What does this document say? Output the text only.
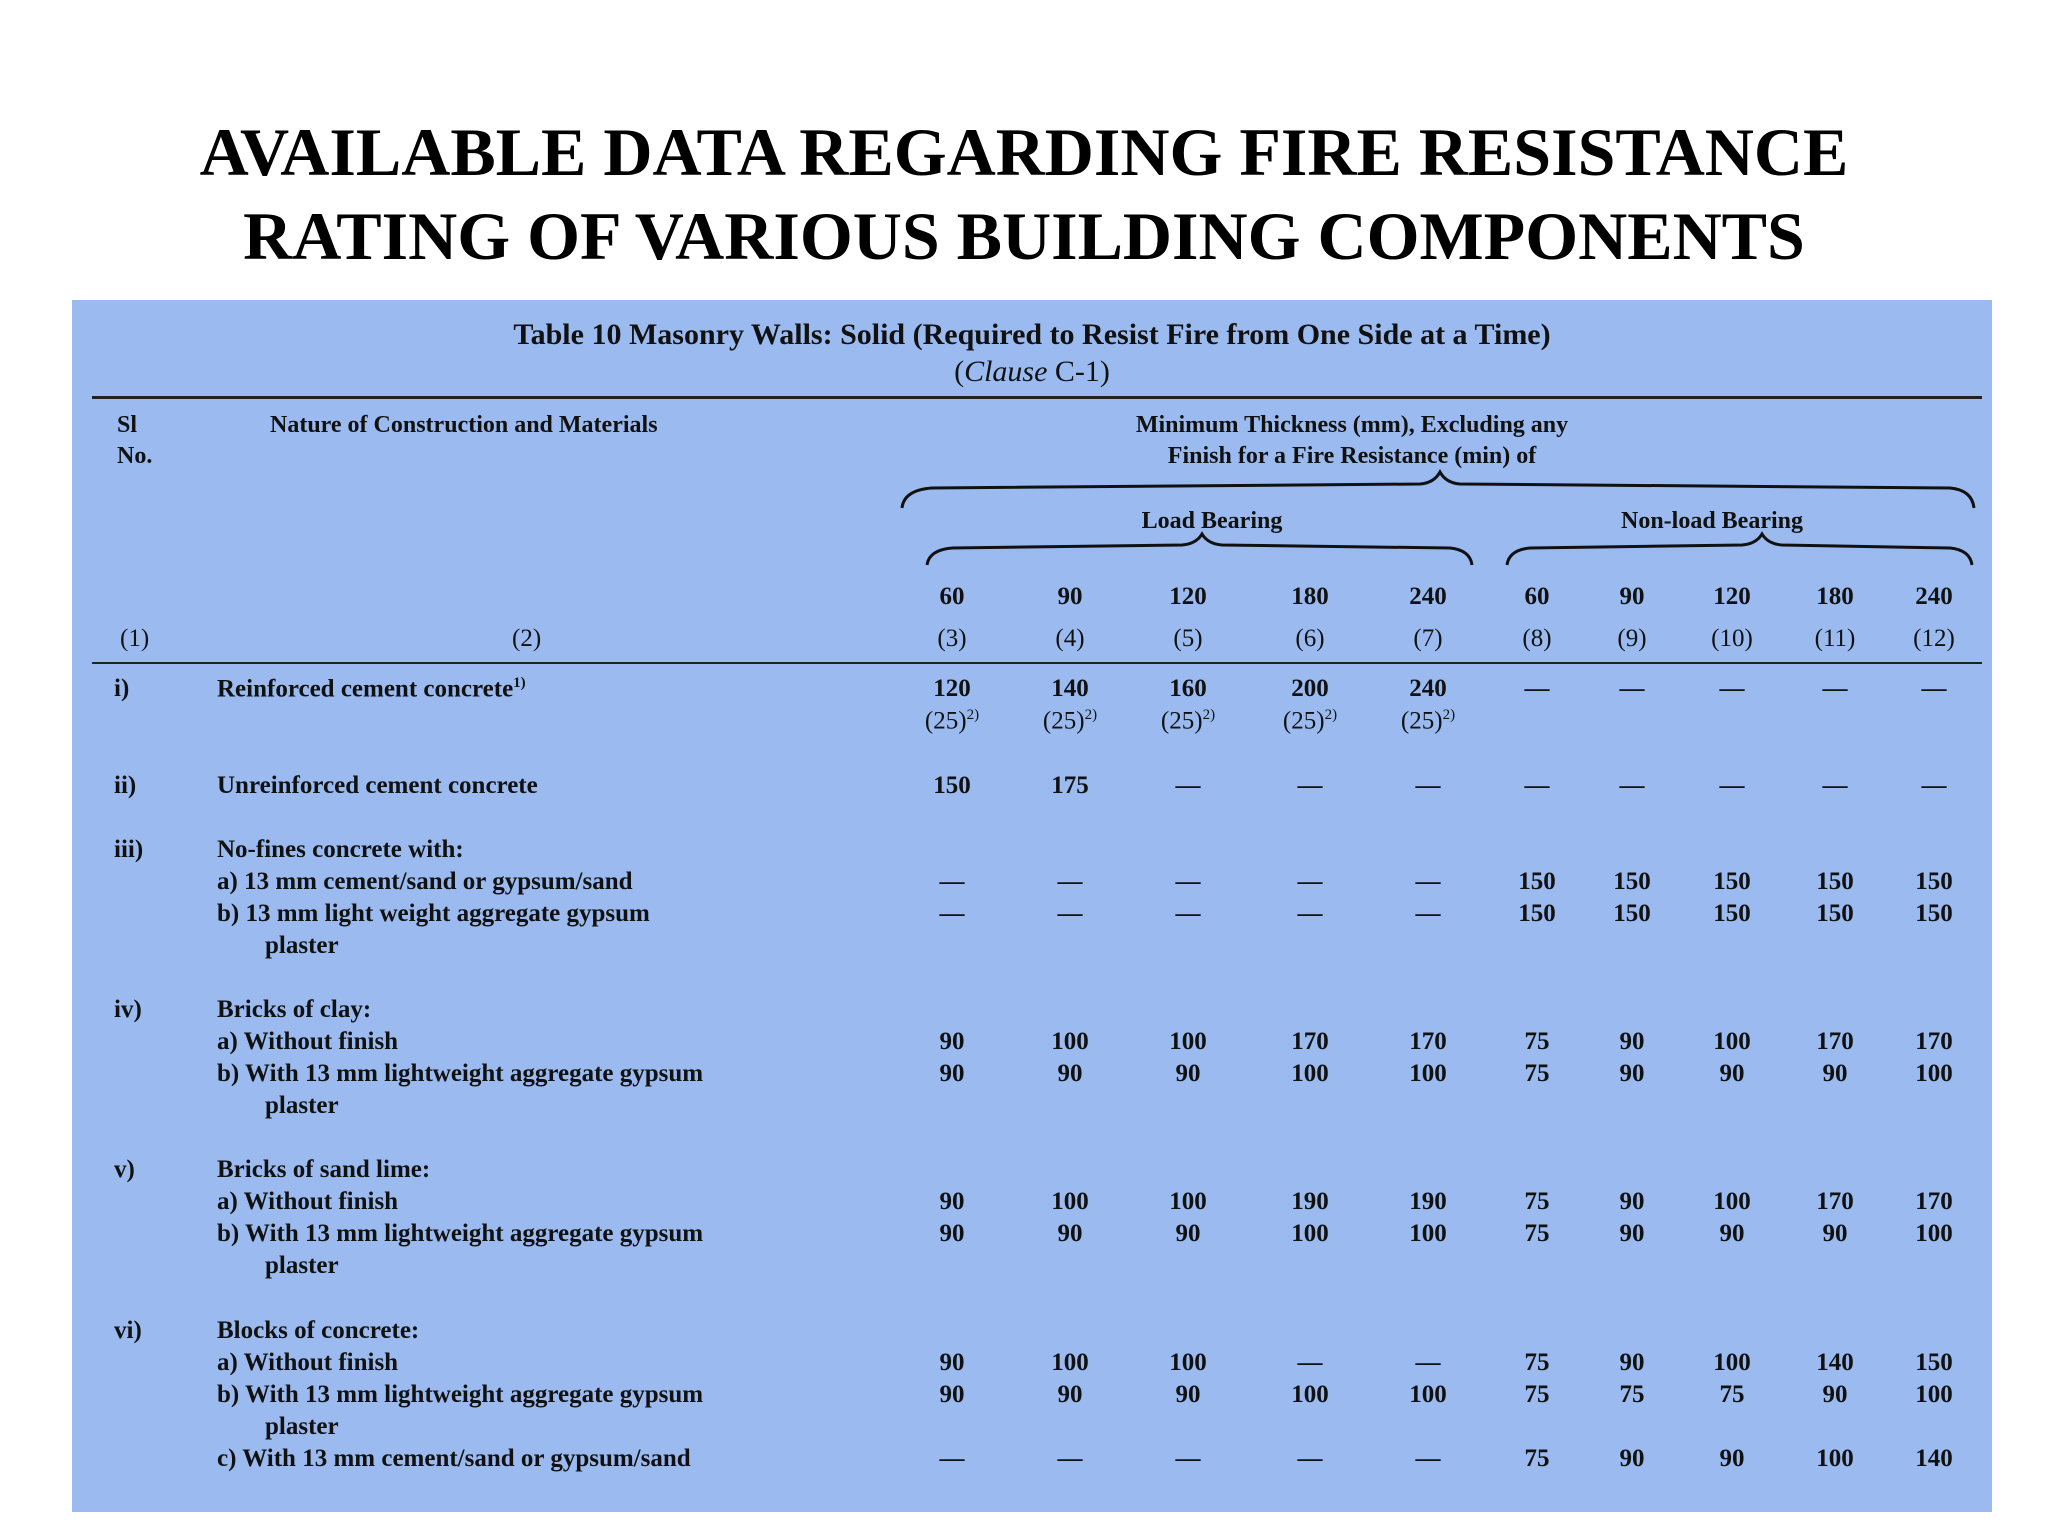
AVAILABLE DATA REGARDING FIRE RESISTANCE
RATING OF VARIOUS BUILDING COMPONENTS
Table 10 Masonry Walls: Solid (Required to Resist Fire from One Side at a Time)
(Clause C-1)
Sl
No.
Nature of Construction and Materials	Minimum Thickness (mm), Excluding any
Finish for a Fire Resistance (min) of
Load Bearing	Non-load Bearing
60	90	120	180	240	60	90	120	180	240
(1)	(2)	(3)	(4)	(5)	(6)	(7)	(8)	(9)	(10)	(11)	(12)
i)	Reinforced cement concrete$^{1)}$	120	140	160	200	240	—	—	—	—	—
$(25)^{2)}$	$(25)^{2)}$	$(25)^{2)}$	$(25)^{2)}$	$(25)^{2)}$
ii)	Unreinforced cement concrete	150	175	—	—	—	—	—	—	—	—
iii)	No-fines concrete with:
a) 13 mm cement/sand or gypsum/sand	—	—	—	—	—	150	150	150	150	150
b) 13 mm light weight aggregate gypsum	—	—	—	—	—	150	150	150	150	150
plaster
iv)	Bricks of clay:
a) Without finish	90	100	100	170	170	75	90	100	170	170
b) With 13 mm lightweight aggregate gypsum	90	90	90	100	100	75	90	90	90	100
plaster
v)	Bricks of sand lime:
a) Without finish	90	100	100	190	190	75	90	100	170	170
b) With 13 mm lightweight aggregate gypsum	90	90	90	100	100	75	90	90	90	100
plaster
vi)	Blocks of concrete:
a) Without finish	90	100	100	—	—	75	90	100	140	150
b) With 13 mm lightweight aggregate gypsum	90	90	90	100	100	75	75	75	90	100
plaster
c) With 13 mm cement/sand or gypsum/sand	—	—	—	—	—	75	90	90	100	140
